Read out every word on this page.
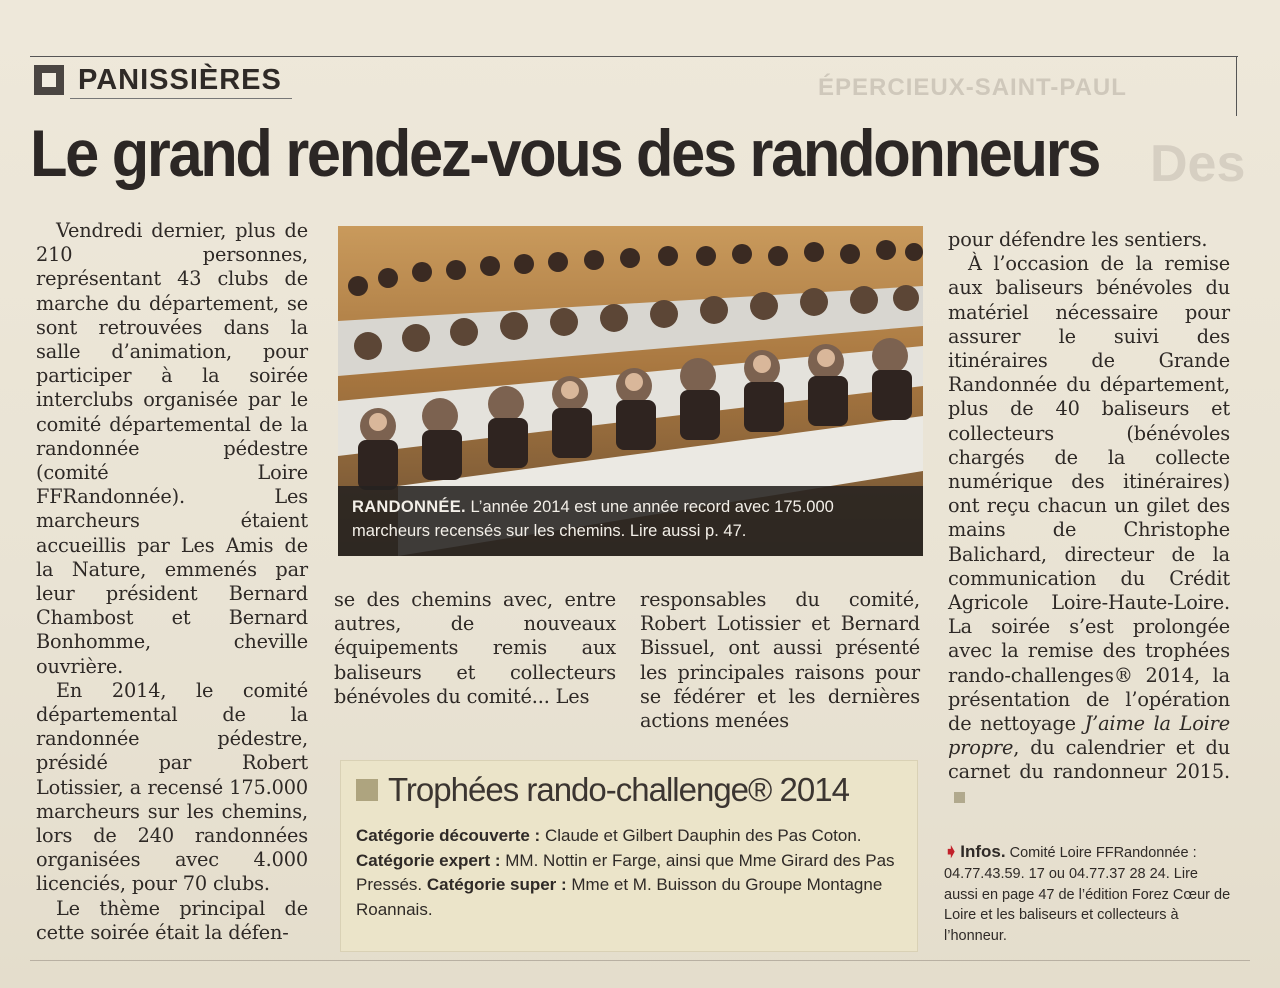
ÉPERCIEUX-SAINT-PAUL
Des
PANISSIÈRES
Le grand rendez-vous des randonneurs

Vendredi dernier, plus de 210 personnes, représentant 43 clubs de marche du département, se sont retrouvées dans la salle d’animation, pour participer à la soirée interclubs organisée par le comité départemental de la randonnée pédestre (comité Loire FFRandonnée). Les marcheurs étaient accueillis par Les Amis de la Nature, emmenés par leur président Bernard Chambost et Bernard Bonhomme, cheville ouvrière.

En 2014, le comité départemental de la randonnée pédestre, présidé par Robert Lotissier, a recensé 175.000 marcheurs sur les chemins, lors de 240 randonnées organisées avec 4.000 licenciés, pour 70 clubs.

Le thème principal de cette soirée était la défen-

RANDONNÉE. L’année 2014 est une année record avec 175.000 marcheurs recensés sur les chemins. Lire aussi p. 47.

se des chemins avec, entre autres, de nouveaux équipements remis aux baliseurs et collecteurs bénévoles du comité... Les

responsables du comité, Robert Lotissier et Bernard Bissuel, ont aussi présenté les principales raisons pour se fédérer et les dernières actions menées

pour défendre les sentiers.

À l’occasion de la remise aux baliseurs bénévoles du matériel nécessaire pour assurer le suivi des itinéraires de Grande Randonnée du département, plus de 40 baliseurs et collecteurs (bénévoles chargés de la collecte numérique des itinéraires) ont reçu chacun un gilet des mains de Christophe Balichard, directeur de la communication du Crédit Agricole Loire-Haute-Loire. La soirée s’est prolongée avec la remise des trophées rando-challenges® 2014, la présentation de l’opération de nettoyage J’aime la Loire propre, du calendrier et du carnet du randonneur 2015.

Trophées rando-challenge® 2014
Catégorie découverte : Claude et Gilbert Dauphin des Pas Coton. Catégorie expert : MM. Nottin er Farge, ainsi que Mme Girard des Pas Pressés. Catégorie super : Mme et M. Buisson du Groupe Montagne Roannais.
➧ Infos. Comité Loire FFRandonnée : 04.77.43.59. 17 ou 04.77.37 28 24. Lire aussi en page 47 de l’édition Forez Cœur de Loire et les baliseurs et collecteurs à l’honneur.
